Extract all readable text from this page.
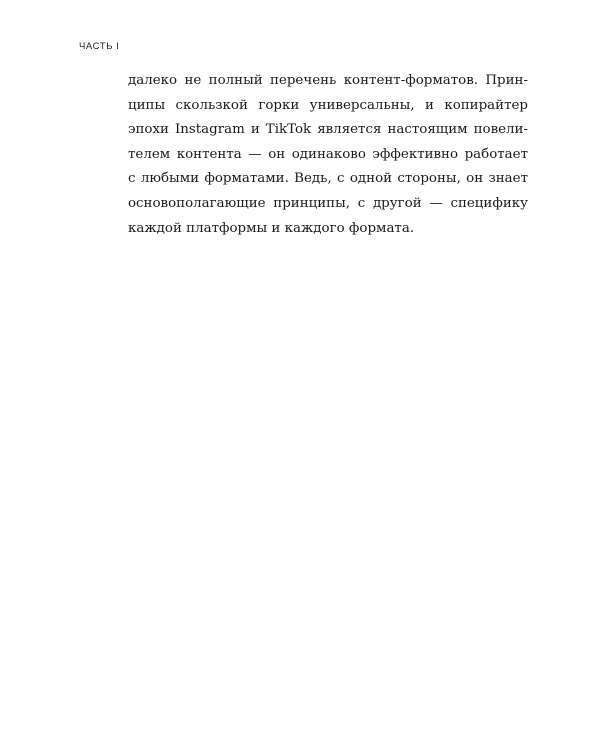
ЧАСТЬ I
далеко не полный перечень контент-форматов. Прин-
ципы скользкой горки универсальны, и копирайтер
эпохи Instagram и TikTok является настоящим повели-
телем контента — он одинаково эффективно работает
с любыми форматами. Ведь, с одной стороны, он знает
основополагающие принципы, с другой — специфику
каждой платформы и каждого формата.
